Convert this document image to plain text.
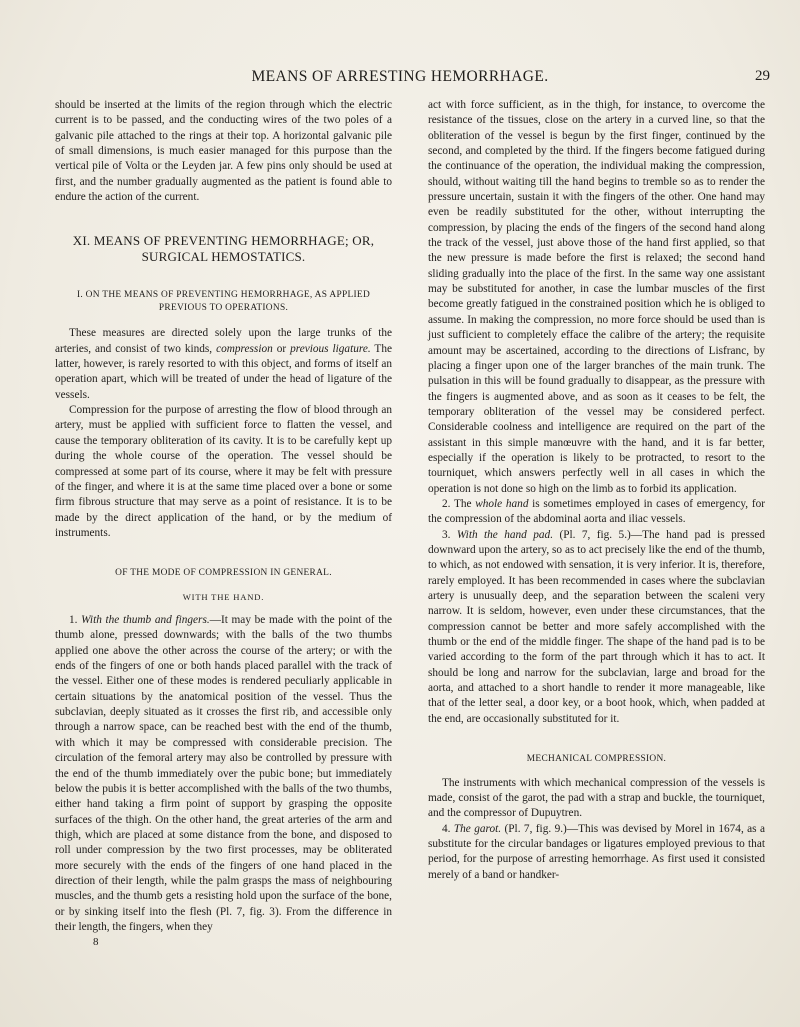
MEANS OF ARRESTING HEMORRHAGE.	29

should be inserted at the limits of the region through which the electric current is to be passed, and the conducting wires of the two poles of a galvanic pile attached to the rings at their top. A horizontal galvanic pile of small dimensions, is much easier managed for this purpose than the vertical pile of Volta or the Leyden jar. A few pins only should be used at first, and the number gradually augmented as the patient is found able to endure the action of the current.

XI. MEANS OF PREVENTING HEMORRHAGE; OR,
SURGICAL HEMOSTATICS.
I. ON THE MEANS OF PREVENTING HEMORRHAGE, AS APPLIED
PREVIOUS TO OPERATIONS.

These measures are directed solely upon the large trunks of the arteries, and consist of two kinds, compression or previous ligature. The latter, however, is rarely resorted to with this object, and forms of itself an operation apart, which will be treated of under the head of ligature of the vessels.

Compression for the purpose of arresting the flow of blood through an artery, must be applied with sufficient force to flatten the vessel, and cause the temporary obliteration of its cavity. It is to be carefully kept up during the whole course of the operation. The vessel should be compressed at some part of its course, where it may be felt with pressure of the finger, and where it is at the same time placed over a bone or some firm fibrous structure that may serve as a point of resistance. It is to be made by the direct application of the hand, or by the medium of instruments.

OF THE MODE OF COMPRESSION IN GENERAL.
WITH THE HAND.

1. With the thumb and fingers.—It may be made with the point of the thumb alone, pressed downwards; with the balls of the two thumbs applied one above the other across the course of the artery; or with the ends of the fingers of one or both hands placed parallel with the track of the vessel. Either one of these modes is rendered peculiarly applicable in certain situations by the anatomical position of the vessel. Thus the subclavian, deeply situated as it crosses the first rib, and accessible only through a narrow space, can be reached best with the end of the thumb, with which it may be compressed with considerable precision. The circulation of the femoral artery may also be controlled by pressure with the end of the thumb immediately over the pubic bone; but immediately below the pubis it is better accomplished with the balls of the two thumbs, either hand taking a firm point of support by grasping the opposite surfaces of the thigh. On the other hand, the great arteries of the arm and thigh, which are placed at some distance from the bone, and disposed to roll under compression by the two first processes, may be obliterated more securely with the ends of the fingers of one hand placed in the direction of their length, while the palm grasps the mass of neighbouring muscles, and the thumb gets a resisting hold upon the surface of the bone, or by sinking itself into the flesh (Pl. 7, fig. 3). From the difference in their length, the fingers, when they

8

act with force sufficient, as in the thigh, for instance, to overcome the resistance of the tissues, close on the artery in a curved line, so that the obliteration of the vessel is begun by the first finger, continued by the second, and completed by the third. If the fingers become fatigued during the continuance of the operation, the individual making the compression, should, without waiting till the hand begins to tremble so as to render the pressure uncertain, sustain it with the fingers of the other. One hand may even be readily substituted for the other, without interrupting the compression, by placing the ends of the fingers of the second hand along the track of the vessel, just above those of the hand first applied, so that the new pressure is made before the first is relaxed; the second hand sliding gradually into the place of the first. In the same way one assistant may be substituted for another, in case the lumbar muscles of the first become greatly fatigued in the constrained position which he is obliged to assume. In making the compression, no more force should be used than is just sufficient to completely efface the calibre of the artery; the requisite amount may be ascertained, according to the directions of Lisfranc, by placing a finger upon one of the larger branches of the main trunk. The pulsation in this will be found gradually to disappear, as the pressure with the fingers is augmented above, and as soon as it ceases to be felt, the temporary obliteration of the vessel may be considered perfect. Considerable coolness and intelligence are required on the part of the assistant in this simple manœuvre with the hand, and it is far better, especially if the operation is likely to be protracted, to resort to the tourniquet, which answers perfectly well in all cases in which the operation is not done so high on the limb as to forbid its application.

2. The whole hand is sometimes employed in cases of emergency, for the compression of the abdominal aorta and iliac vessels.

3. With the hand pad. (Pl. 7, fig. 5.)—The hand pad is pressed downward upon the artery, so as to act precisely like the end of the thumb, to which, as not endowed with sensation, it is very inferior. It is, therefore, rarely employed. It has been recommended in cases where the subclavian artery is unusually deep, and the separation between the scaleni very narrow. It is seldom, however, even under these circumstances, that the compression cannot be better and more safely accomplished with the thumb or the end of the middle finger. The shape of the hand pad is to be varied according to the form of the part through which it has to act. It should be long and narrow for the subclavian, large and broad for the aorta, and attached to a short handle to render it more manageable, like that of the letter seal, a door key, or a boot hook, which, when padded at the end, are occasionally substituted for it.

MECHANICAL COMPRESSION.

The instruments with which mechanical compression of the vessels is made, consist of the garot, the pad with a strap and buckle, the tourniquet, and the compressor of Dupuytren.

4. The garot. (Pl. 7, fig. 9.)—This was devised by Morel in 1674, as a substitute for the circular bandages or ligatures employed previous to that period, for the purpose of arresting hemorrhage. As first used it consisted merely of a band or handker-
